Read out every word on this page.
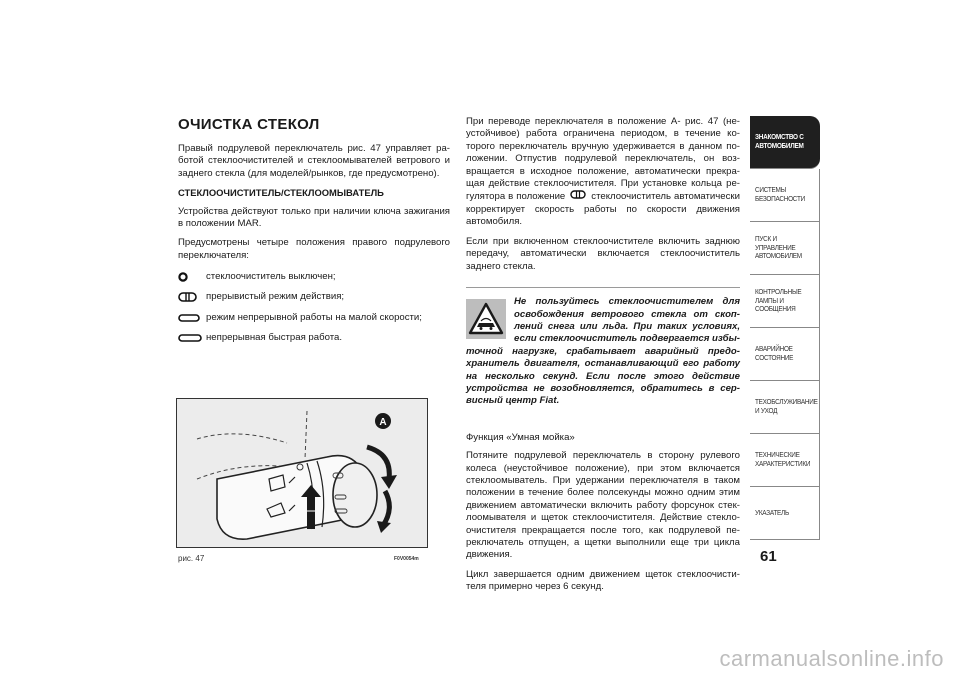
ОЧИСТКА СТЕКОЛ
Правый подрулевой переключатель рис. 47 управляет работой стеклоочистителей и стеклоомывателей ветрового и заднего стекла (для моделей/рынков, где предусмотрено).
СТЕКЛООЧИСТИТЕЛЬ/СТЕКЛООМЫВАТЕЛЬ
Устройства действуют только при наличии ключа зажигания в положении MAR.
Предусмотрены четыре положения правого подрулевого переключателя:
стеклоочиститель выключен;
прерывистый режим действия;
режим непрерывной работы на малой скорости;
непрерывная быстрая работа.
A
рис. 47	F0V0054m
При переводе переключателя в положение A- рис. 47 (неустойчивое) работа ограничена периодом, в течение которого переключатель вручную удерживается в данном положении. Отпустив подрулевой переключатель, он возвращается в исходное положение, автоматически прекращая действие стеклоочистителя. При установке кольца регулятора в положение	стеклоочиститель автоматически корректирует скорость работы по скорости движения автомобиля.
Если при включенном стеклоочистителе включить заднюю передачу, автоматически включается стеклоочиститель заднего стекла.
Не пользуйтесь стеклоочистителем для освобождения ветрового стекла от скоплений снега или льда. При таких условиях, если стеклоочиститель подвергается избыточной нагрузке, срабатывает аварийный предохранитель двигателя, останавливающий его работу на несколько секунд. Если после этого действие устройства не возобновляется, обратитесь в сервисный центр Fiat.
Функция «Умная мойка»
Потяните подрулевой переключатель в сторону рулевого колеса (неустойчивое положение), при этом включается стеклоомыватель. При удержании переключателя в таком положении в течение более полсекунды можно одним этим движением автоматически включить работу форсунок стеклоомывателя и щеток стеклоочистителя. Действие стеклоочистителя прекращается после того, как подрулевой переключатель отпущен, а щетки выполнили еще три цикла движения.
Цикл завершается одним движением щеток стеклоочистителя примерно через 6 секунд.
ЗНАКОМСТВО С АВТОМОБИЛЕМ
СИСТЕМЫ БЕЗОПАСНОСТИ
ПУСК И УПРАВЛЕНИЕ АВТОМОБИЛЕМ
КОНТРОЛЬНЫЕ ЛАМПЫ И СООБЩЕНИЯ
АВАРИЙНОЕ СОСТОЯНИЕ
ТЕХОБСЛУЖИВАНИЕ И УХОД
ТЕХНИЧЕСКИЕ ХАРАКТЕРИСТИКИ
УКАЗАТЕЛЬ
61
carmanualsonline.info
